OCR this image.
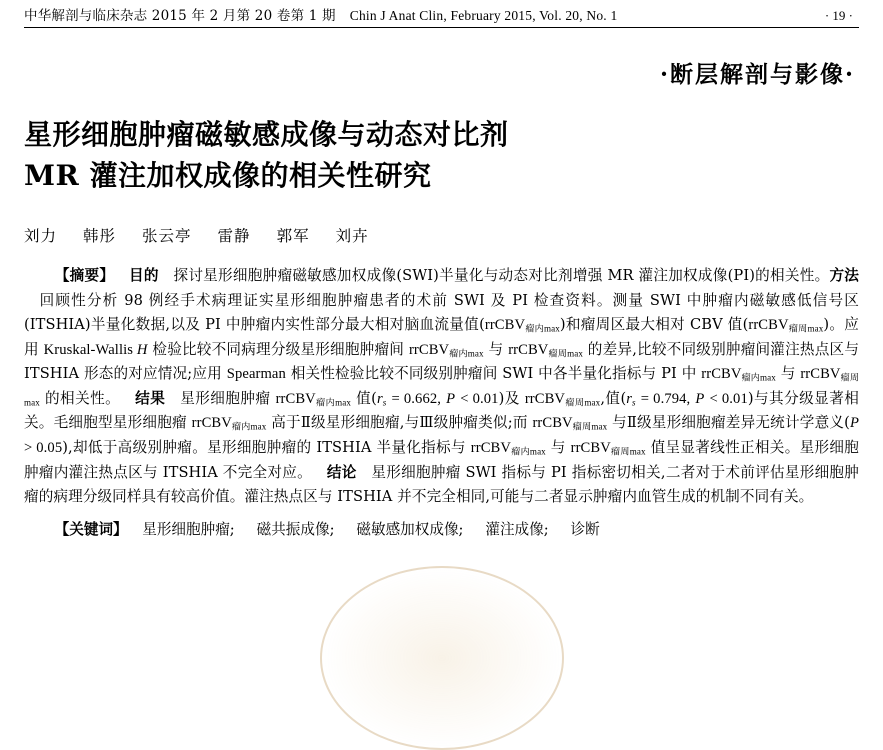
中华解剖与临床杂志 2015 年 2 月第 20 卷第 1 期 Chin J Anat Clin, February 2015, Vol. 20, No. 1	· 19 ·
·断层解剖与影像·
星形细胞肿瘤磁敏感成像与动态对比剂
MR 灌注加权成像的相关性研究
刘力 韩彤 张云亭 雷静 郭军 刘卉

【摘要】 目的 探讨星形细胞肿瘤磁敏感加权成像(SWI)半量化与动态对比剂增强 MR 灌注加权成像(PI)的相关性。方法回顾性分析 98 例经手术病理证实星形细胞肿瘤患者的术前 SWI 及 PI 检查资料。测量 SWI 中肿瘤内磁敏感低信号区(ITSHIA)半量化数据,以及 PI 中肿瘤内实性部分最大相对脑血流量值(rrCBV$_{瘤内max}$)和瘤周区最大相对 CBV 值(rrCBV$_{瘤周max}$)。应用 Kruskal-Wallis H 检验比较不同病理分级星形细胞肿瘤间 rrCBV$_{瘤内max}$ 与 rrCBV$_{瘤周max}$ 的差异,比较不同级别肿瘤间灌注热点区与 ITSHIA 形态的对应情况;应用 Spearman 相关性检验比较不同级别肿瘤间 SWI 中各半量化指标与 PI 中 rrCBV$_{瘤内max}$ 与 rrCBV$_{瘤周max}$ 的相关性。 结果 星形细胞肿瘤 rrCBV$_{瘤内max}$ 值($r_s = 0.662$, P < 0.01)及 rrCBV$_{瘤周max}$,值($r_s = 0.794$, P < 0.01)与其分级显著相关。毛细胞型星形细胞瘤 rrCBV$_{瘤内max}$ 高于Ⅱ级星形细胞瘤,与Ⅲ级肿瘤类似;而 rrCBV$_{瘤周max}$ 与Ⅱ级星形细胞瘤差异无统计学意义(P > 0.05),却低于高级别肿瘤。星形细胞肿瘤的 ITSHIA 半量化指标与 rrCBV$_{瘤内max}$ 与 rrCBV$_{瘤周max}$ 值呈显著线性正相关。星形细胞肿瘤内灌注热点区与 ITSHIA 不完全对应。 结论 星形细胞肿瘤 SWI 指标与 PI 指标密切相关,二者对于术前评估星形细胞肿瘤的病理分级同样具有较高价值。灌注热点区与 ITSHIA 并不完全相同,可能与二者显示肿瘤内血管生成的机制不同有关。

【关键词】 星形细胞肿瘤; 磁共振成像; 磁敏感加权成像; 灌注成像; 诊断
